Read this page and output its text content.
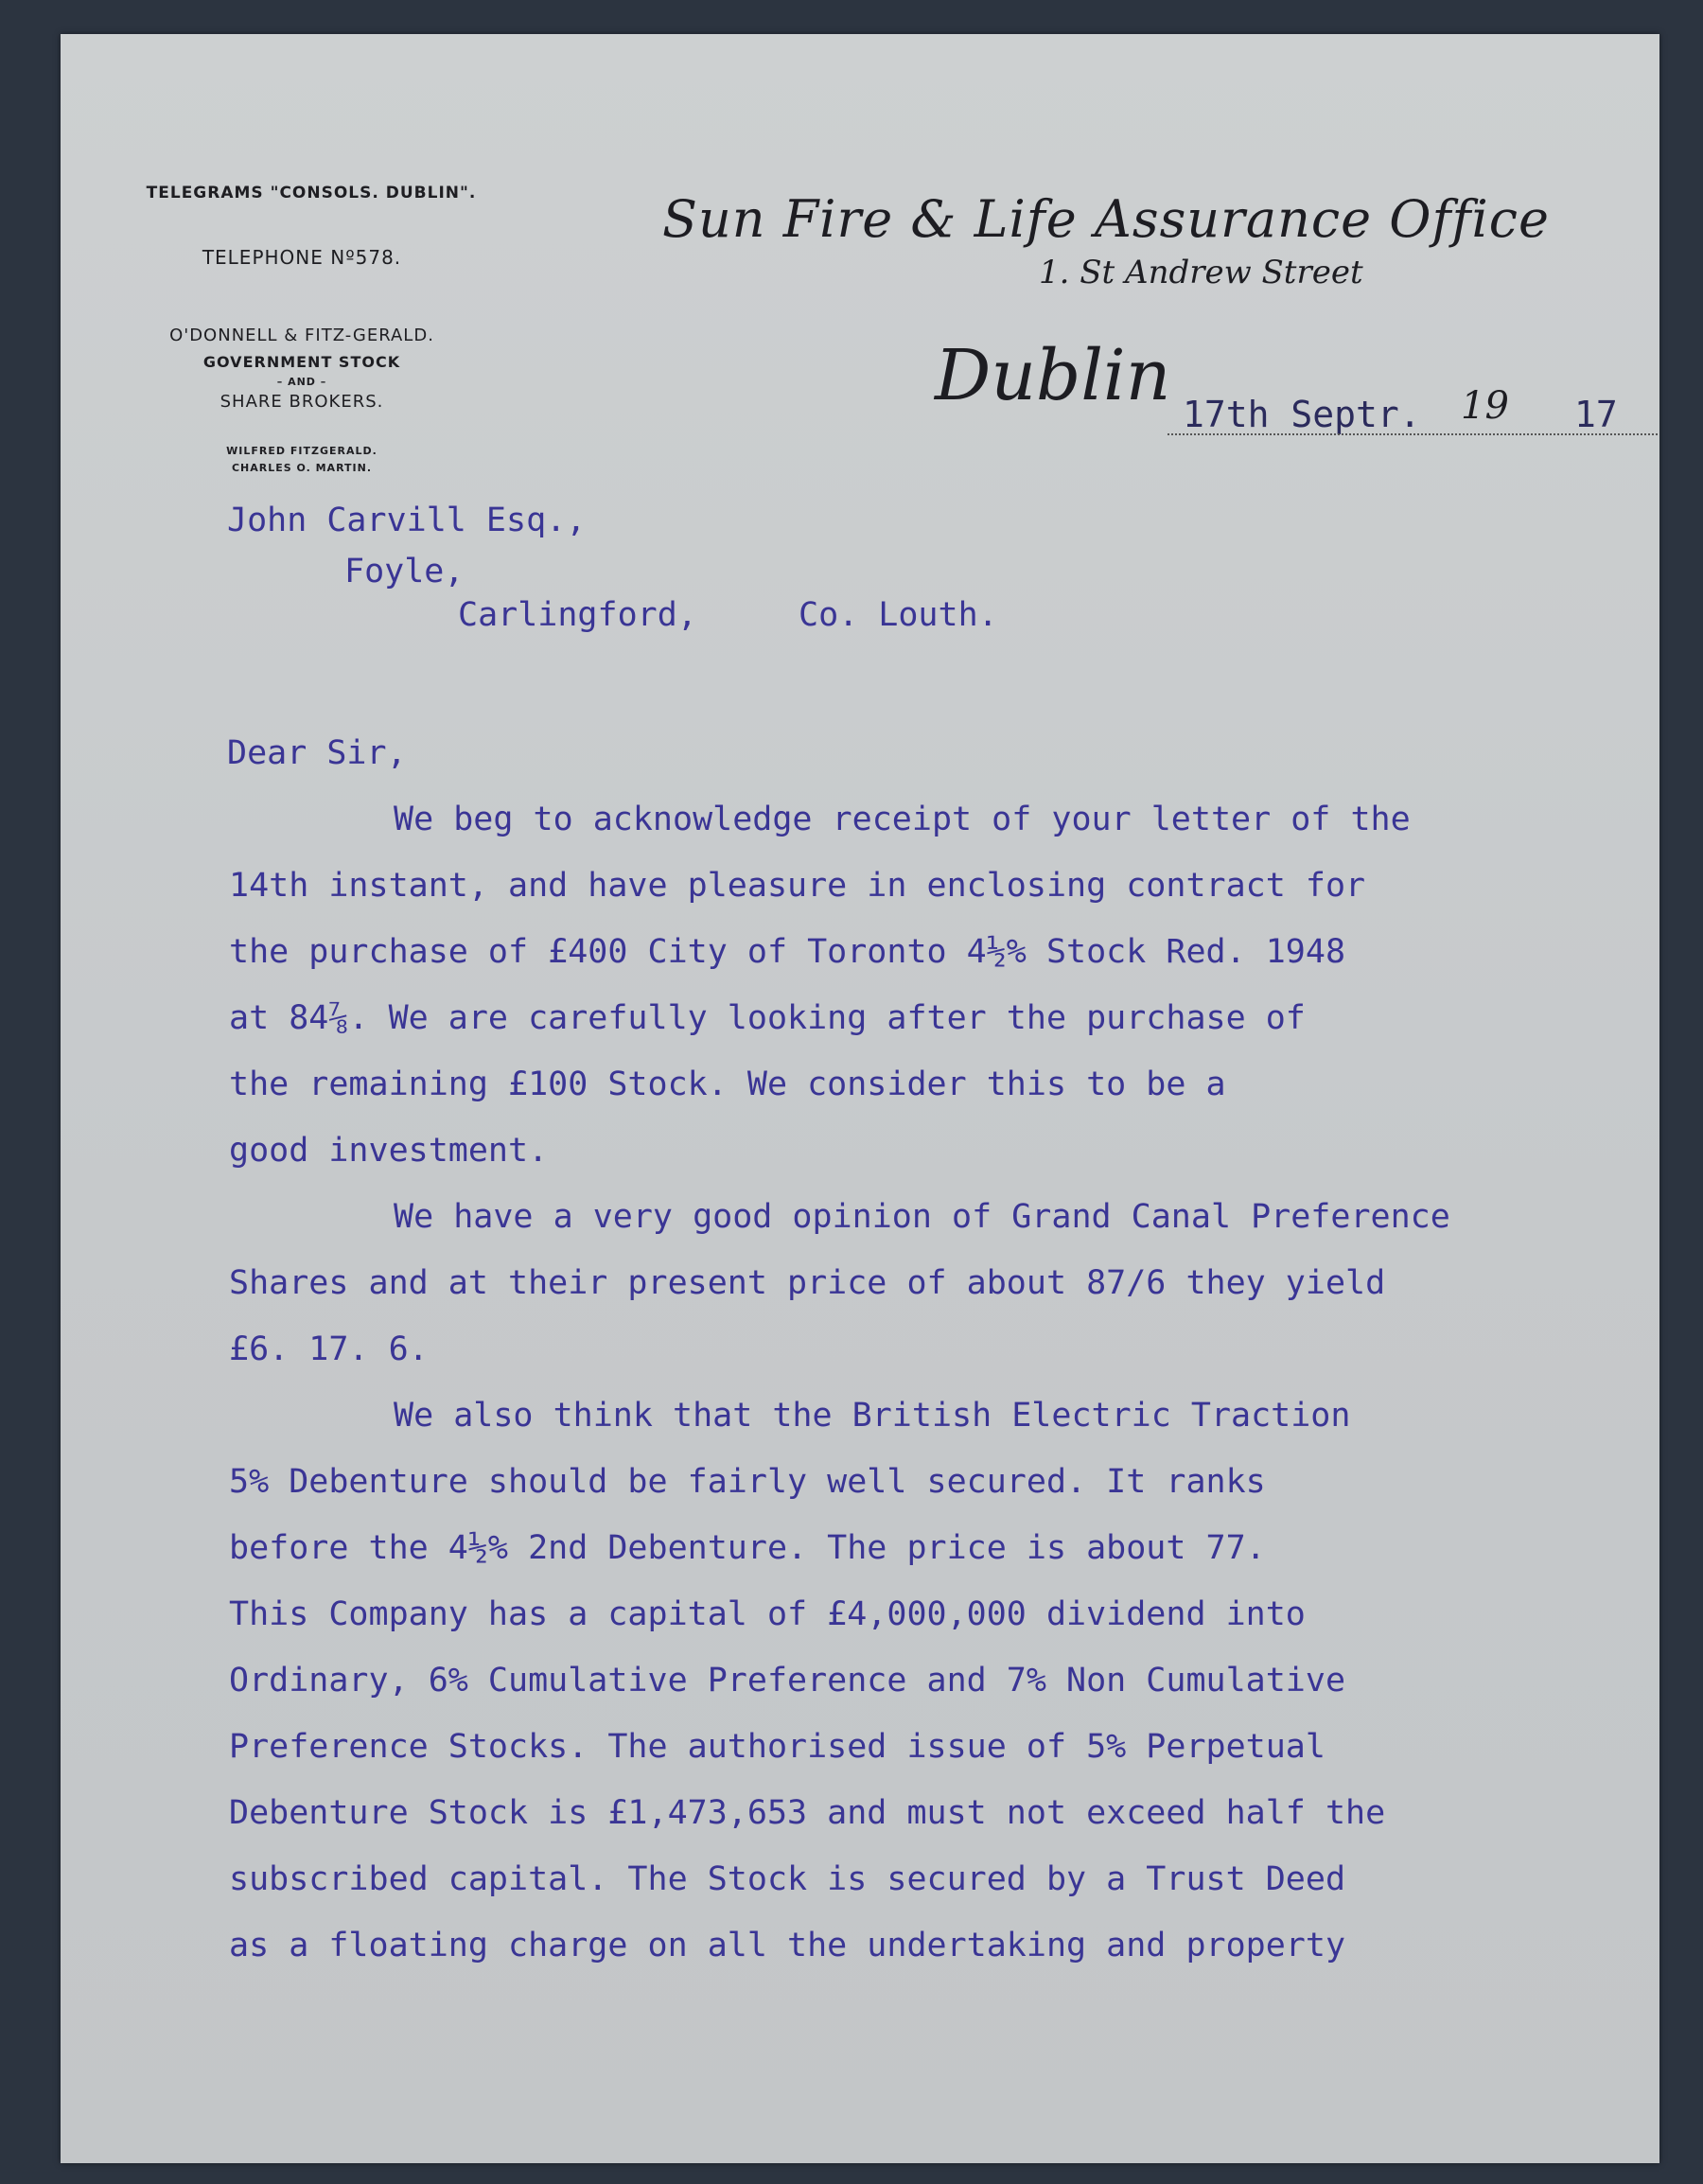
TELEGRAMS "CONSOLS. DUBLIN".
TELEPHONE Nº578.
O'DONNELL & FITZ-GERALD.
GOVERNMENT STOCK
– AND –
SHARE BROKERS.
WILFRED FITZGERALD.
CHARLES O. MARTIN.
Sun Fire & Life Assurance Office
1. St Andrew Street
Dublin 17th Septr. 19 17
John Carvill Esq.,
Foyle,
Carlingford,	Co. Louth.
Dear Sir,
We beg to acknowledge receipt of your letter of the
14th instant, and have pleasure in enclosing contract for
the purchase of £400 City of Toronto 4½% Stock Red. 1948
at 84⅞. We are carefully looking after the purchase of
the remaining £100 Stock. We consider this to be a
good investment.
We have a very good opinion of Grand Canal Preference
Shares and at their present price of about 87/6 they yield
£6. 17. 6.
We also think that the British Electric Traction
5% Debenture should be fairly well secured. It ranks
before the 4½% 2nd Debenture. The price is about 77.
This Company has a capital of £4,000,000 dividend into
Ordinary, 6% Cumulative Preference and 7% Non Cumulative
Preference Stocks. The authorised issue of 5% Perpetual
Debenture Stock is £1,473,653 and must not exceed half the
subscribed capital. The Stock is secured by a Trust Deed
as a floating charge on all the undertaking and property
